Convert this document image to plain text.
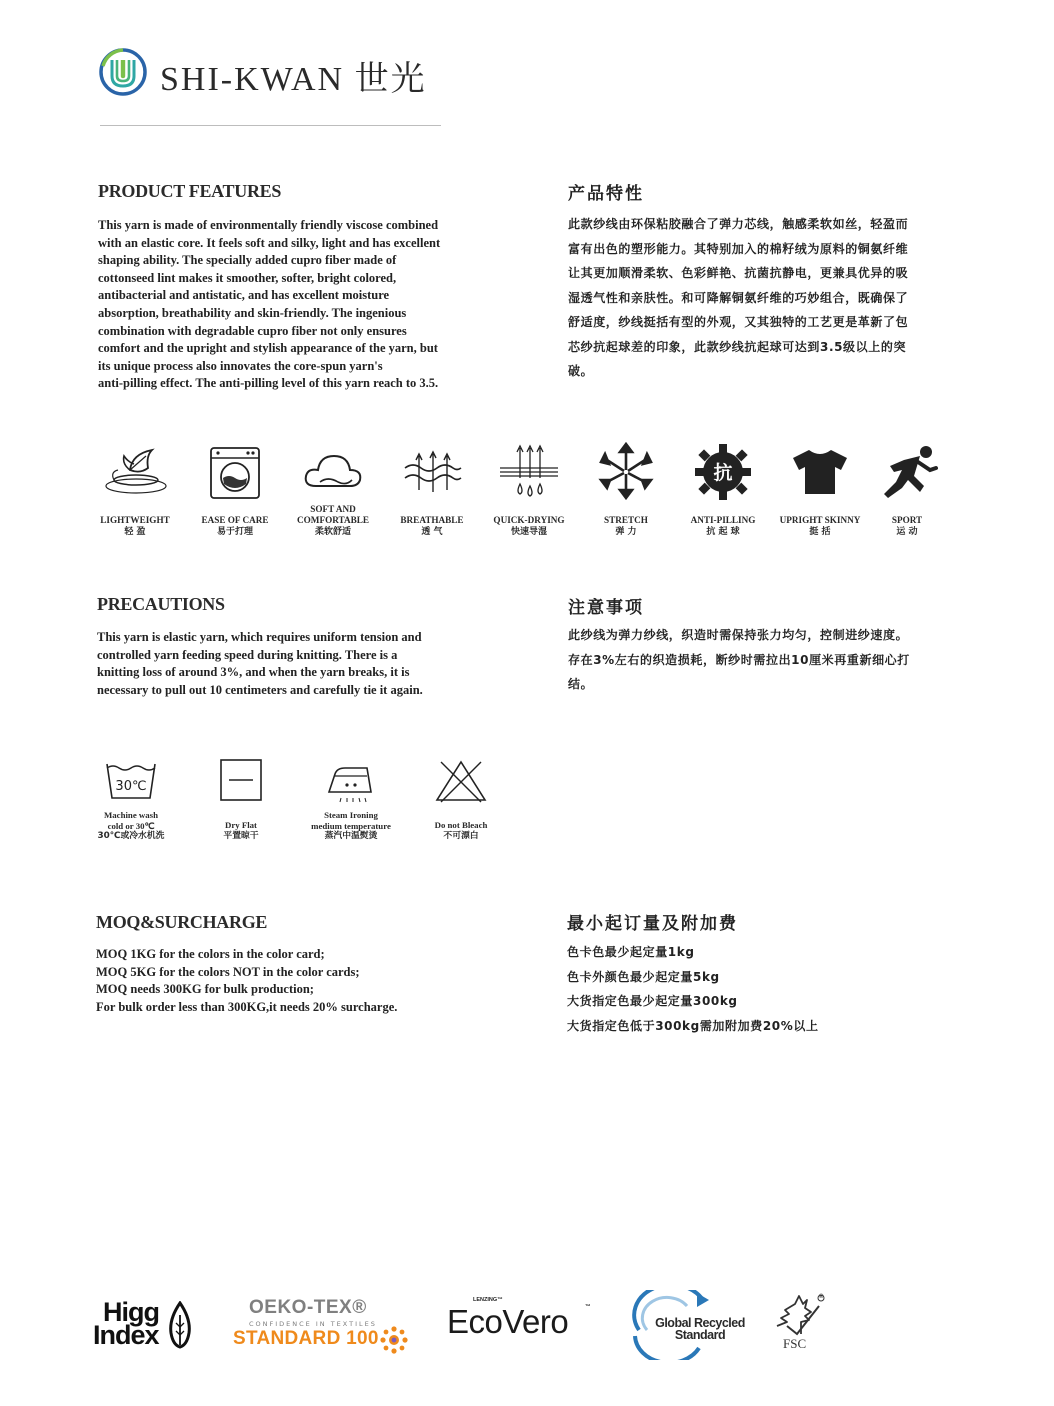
SHI-KWAN 世光
PRODUCT FEATURES	产品特性
This yarn is made of environmentally friendly viscose combined
with an elastic core. It feels soft and silky, light and has excellent
shaping ability. The specially added cupro fiber made of
cottonseed lint makes it smoother, softer, bright colored,
antibacterial and antistatic, and has excellent moisture
absorption, breathability and skin-friendly. The ingenious
combination with degradable cupro fiber not only ensures
comfort and the upright and stylish appearance of the yarn, but
its unique process also innovates the core-spun yarn's
anti-pilling effect. The anti-pilling level of this yarn reach to 3.5.
此款纱线由环保粘胶融合了弹力芯线，触感柔软如丝，轻盈而
富有出色的塑形能力。其特别加入的棉籽绒为原料的铜氨纤维
让其更加顺滑柔软、色彩鲜艳、抗菌抗静电，更兼具优异的吸
湿透气性和亲肤性。和可降解铜氨纤维的巧妙组合，既确保了
舒适度，纱线挺括有型的外观，又其独特的工艺更是革新了包
芯纱抗起球差的印象，此款纱线抗起球可达到3.5级以上的突
破。
LIGHTWEIGHT
轻 盈
EASE OF CARE
易于打理
SOFT AND
COMFORTABLE
柔软舒适
BREATHABLE
透 气
QUICK-DRYING
快速导湿
STRETCH
弹 力
抗
ANTI-PILLING
抗 起 球
UPRIGHT SKINNY
挺 括
SPORT
运 动
PRECAUTIONS	注意事项
This yarn is elastic yarn, which requires uniform tension and
controlled yarn feeding speed during knitting. There is a
knitting loss of around 3%, and when the yarn breaks, it is
necessary to pull out 10 centimeters and carefully tie it again.
此纱线为弹力纱线，织造时需保持张力均匀，控制进纱速度。
存在3%左右的织造损耗，断纱时需拉出10厘米再重新细心打
结。
30℃
Machine wash
cold or 30℃
30℃或冷水机洗
Dry Flat
平置晾干
Steam Ironing
medium temperature
蒸汽中温熨烫
Do not Bleach
不可漂白
MOQ&SURCHARGE	最小起订量及附加费
MOQ 1KG for the colors in the color card;
MOQ 5KG for the colors NOT in the color cards;
MOQ needs 300KG for bulk production;
For bulk order less than 300KG,it needs 20% surcharge.
色卡色最少起定量1kg
色卡外颜色最少起定量5kg
大货指定色最少起定量300kg
大货指定色低于300kg需加附加费20%以上
Higg
Index
OEKO-TEX®
CONFIDENCE IN TEXTILES
STANDARD 100
LENZING™
EcoVero	™
Global Recycled
Standard
FSC
®
